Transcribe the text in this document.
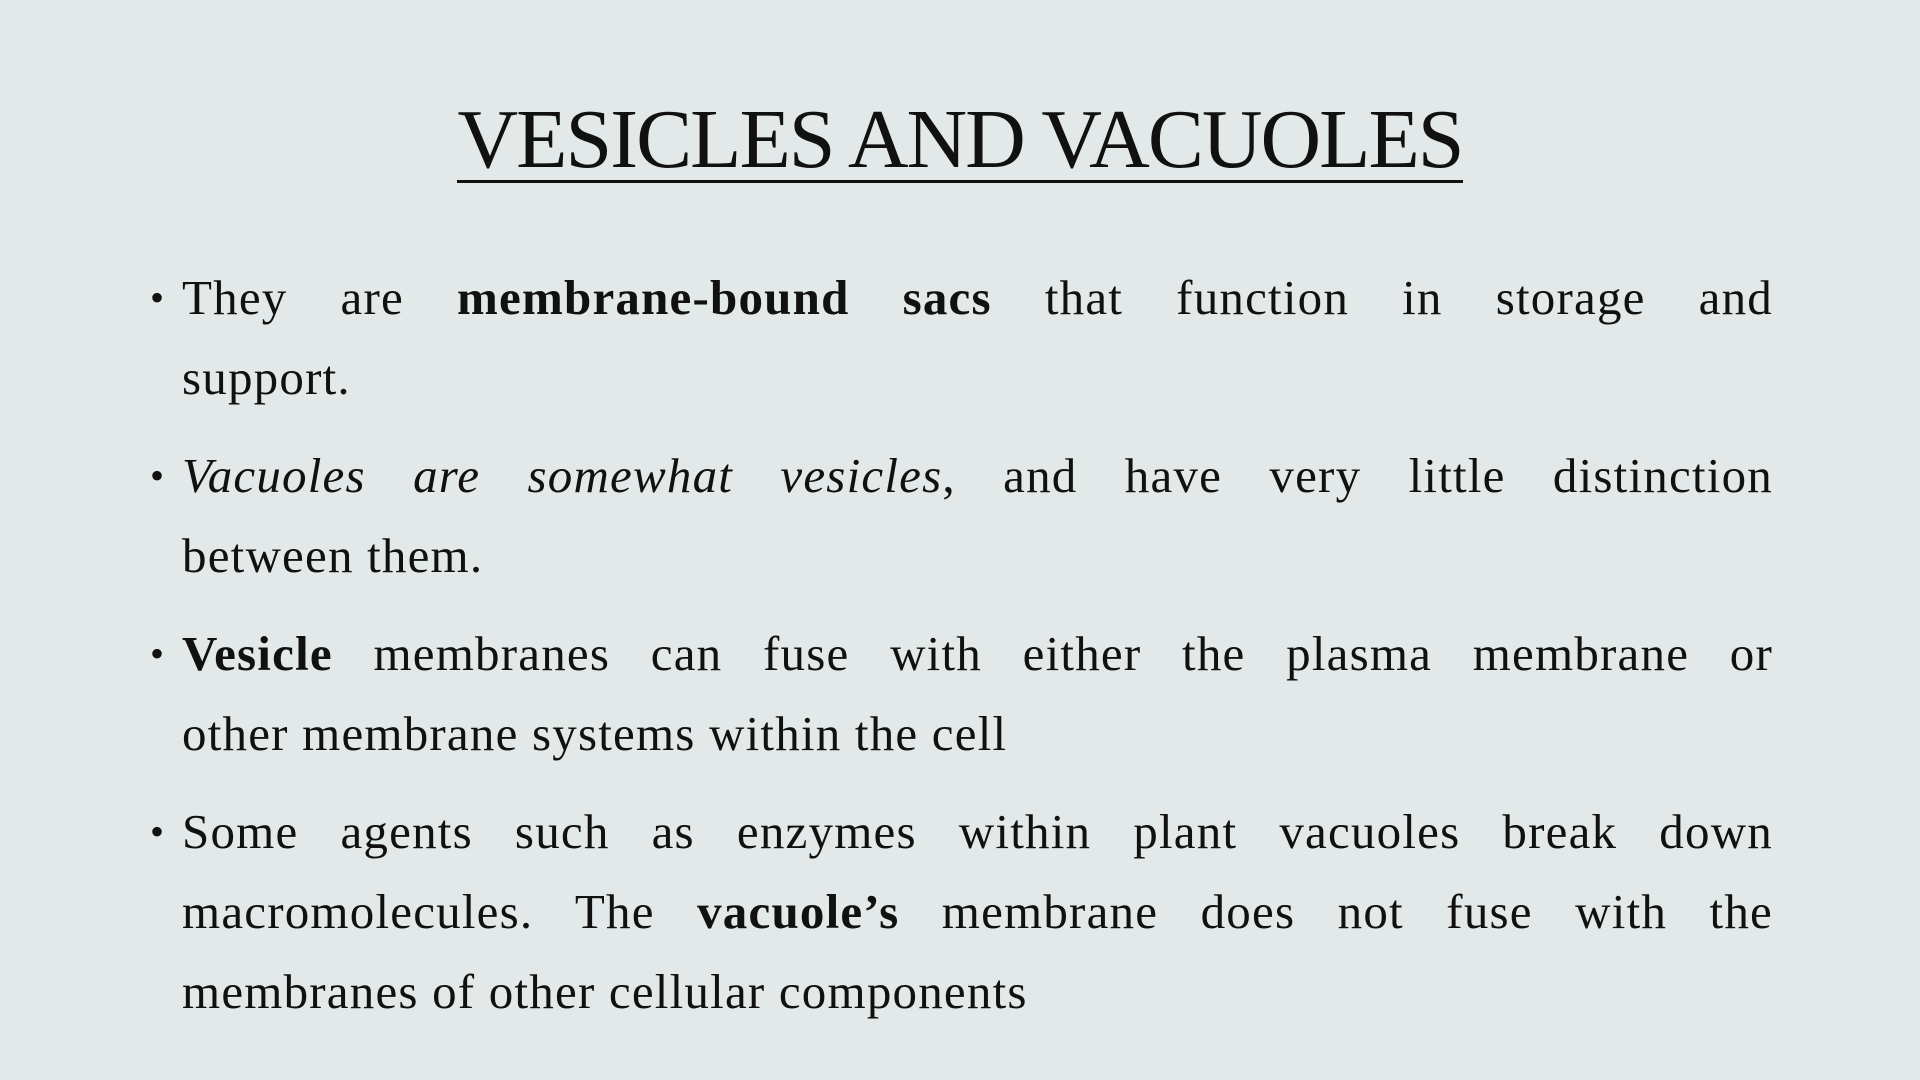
VESICLES AND VACUOLES
• They are membrane-bound sacs that function in storage and
support.
• Vacuoles are somewhat vesicles, and have very little distinction
between them.
• Vesicle membranes can fuse with either the plasma membrane or
other membrane systems within the cell
• Some agents such as enzymes within plant vacuoles break down
macromolecules. The vacuole’s membrane does not fuse with the
membranes of other cellular components
